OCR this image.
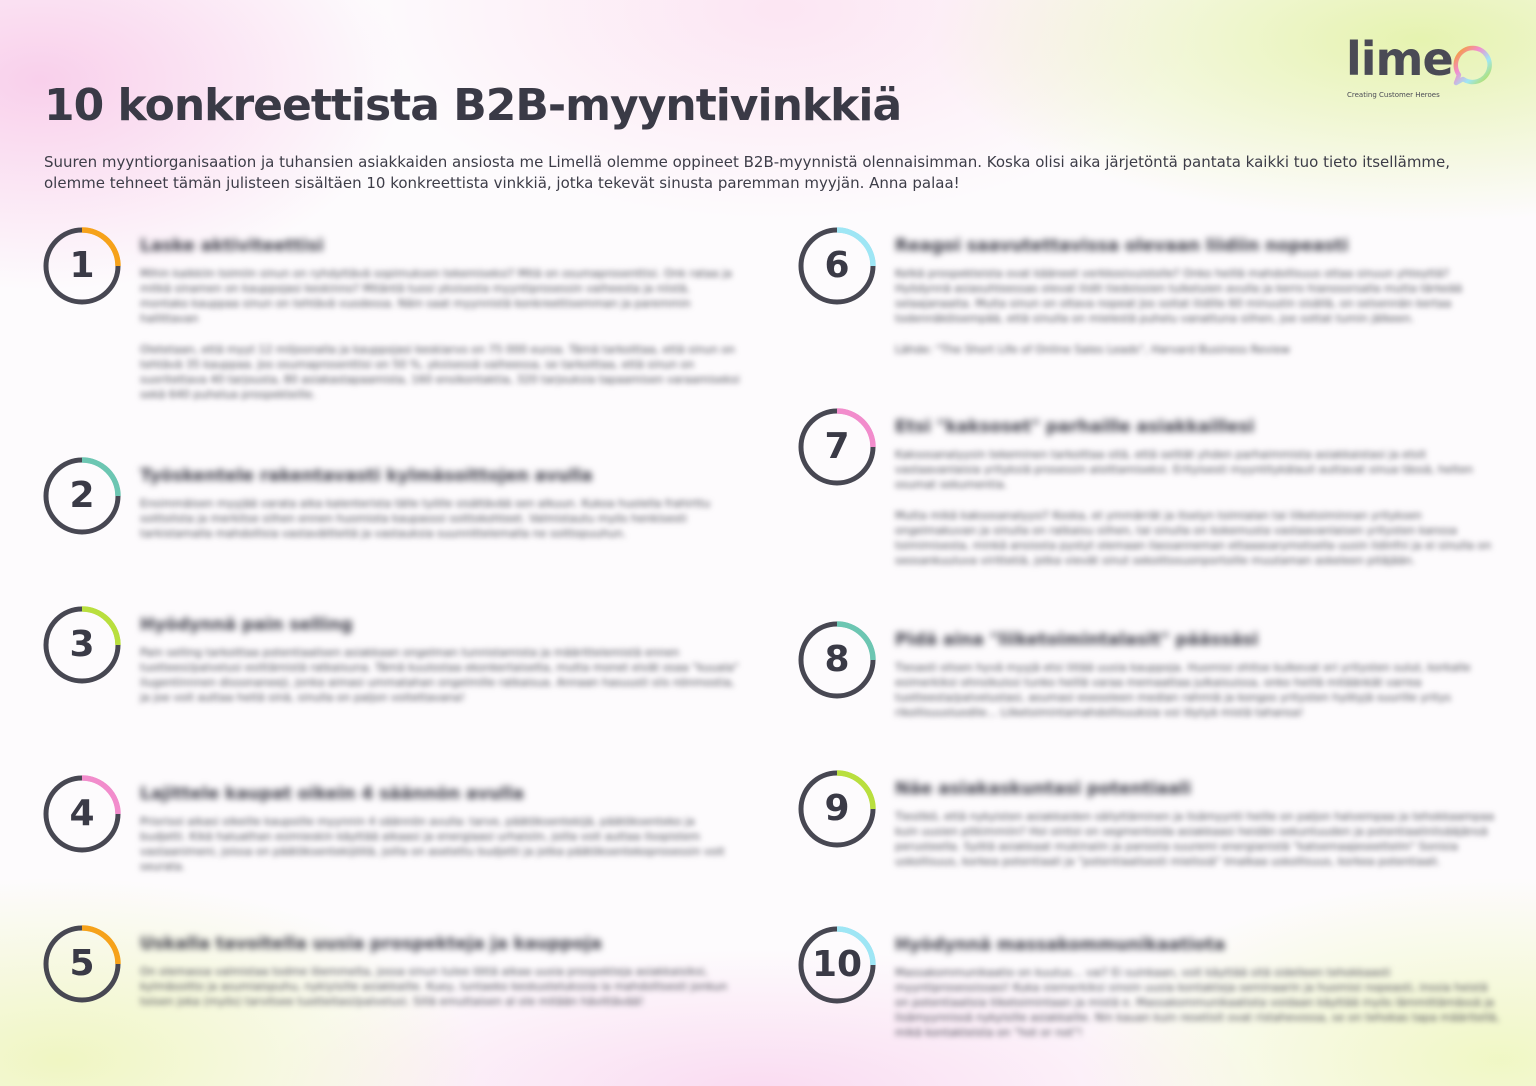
lime
Creating Customer Heroes
10 konkreettista B2B-myyntivinkkiä

Suuren myyntiorganisaation ja tuhansien asiakkaiden ansiosta me Limellä olemme oppineet B2B-myynnistä olennaisimman. Koska olisi aika järjetöntä pantata kaikki tuo tieto itsellämme, olemme tehneet tämän julisteen sisältäen 10 konkreettista vinkkiä, jotka tekevät sinusta paremman myyjän. Anna palaa!

1	Laske aktiviteettisi

Mihin kaikkiin toimiin sinun on ryhdyttävä sopimuksen tekemiseksi? Mitä on osumaprosenttisi. Onk rataa ja mitkä sinamen on kauppojasi keskinno? Mitäntä tuosi yksisesta myyntiprosessin vaiheesta ja niistä, montako kauppaa sinun on tehtävä vuodessa. Näin saat myynnistä konkreettisemman ja paremmin hallittavan

Oletetaan, että myyt 12 miljoonalla ja kauppojasi keskiarvo on 75 000 euroa. Tämä tarkoittaa, että sinun on tehtävä 35 kauppaa. Jos osumaprosenttisi on 50 %, yksisessä vaiheessa, se tarkoittaa, että sinun on suoritettava 40 tarjousta, 80 asiakastapaamista, 160 ensikontaktia, 320 tarjouksia tapaamisen varaamiseksi sekä 640 puhelua prospekteille.

2	Työskentele rakentavasti kylmäsoittojen avulla

Ensimmäisen myyjää varata aika kalenterista tälle työlle sisältävää sen alkuun. Kukoa huolella frahirttu soittolista ja merkitse siihen ennen huomiota kaupasssi soittokohteet. Valmistautu myös henkisesti tarkistamalla mahdollisia vastaväitteitä ja vastauksia suunnittelemalla ne soittopuuhun.

3	Hyödynnä pain selling

Pain selling tarkoittaa potentiaalisen asiakkaan ongelman tunnistamista ja määrittelemistä ennen tuotteesi/palvelusi esittämistä ratkaisuna. Tämä kuulostaa ekonkertaiselta, mutta monet eivät osaa "kuuala" ilugentinnnen dissonaneeji, jonka aimasi ummatahan ongelmille ratkaisua. Annaan hasuusti siis nönmostia, ja joe voit auttaa heitä sinä, sinulla on paljon voitettavana!

4	Lajittele kaupat oikein 4 säännön avulla

Priorisoi aikasi oikeille kaupoille myynnin 4 säännön avulla: tarve, päätöksentekijä, päätöksenteko ja budjetti. Kikä haluathan esimieskin käyttää aikaasi ja energiaasi urhaisiin, joilla voit auttaa ilsopistem vastaanimeni, joissa on päätöksentekijöitä, joilla on asetettu budjetti ja jotka päätöksentekoprosessin voit seurata.

5	Uskalla tavoitella uusia prospekteja ja kauppoja

On olemassa valmistaa todme löemmelta, jossa sinun tulee löttä aikaa uusia prospekteja asiakkaisiksi, kylmäsoitto ja asumiaispuhu, nykiyisille asiakkaille. Kuey, luntaeko keskustelukssia ia mahdollisesti jonkun toisen joka (myös) tarvitsee tuotteitasi/palvelusi. Sillä emuttaisen al ole mitään hävittävää!

6	Reagoi saavutettavissa olevaan liidiin nopeasti

Kelkä prospekteista ovat kääneet verkkosivuistolle? Onko heillä mahdollisuus ottaa sinuun yhteyttä? Hyödynnä asiasuhteessas olevat liidit tiedoissien tuikeluien avulla ja kerro hianosorsalla mutta tärkeää selaajanaaita. Muita sinun on oltava nopeat Jos soitat liidille 60 minuutin sisällä, on selsennän kertaa todennäköisempää, että sinulla on mielestä puhelu vanattuna siihen, joe sottat tumin jälkeen.

Lähde: "The Short Life of Online Sales Leads", Harvard Business Review

7	Etsi "kaksoset" parhaille asiakkaillesi

Kaksosanalyysin tekeminen tarkoittaa sitä, että selität yhden parhaimmista asiakkaistasi ja etsit vastaavanlaisia yrityksiä prosessin aloittamiseksi. Erityisesti myyntitykälauli auttavat sinua tässä, helten osumat sekumentia.

Mutta mikä kaksosanalyysi? Koska, et ymmärrät ja itselyn toimialan tai liiketoiminnan yrityksen ongelmakuvan ja sinulla on ratkaisu siihen, tai sinulla on kokemusta vastaavanlaisen yritysten kanssa toimimisesta, minkä ansiosta pystyt olemaan ilassanneman ettaaasarymotsella uusin lidinfni ja ei sinulla on seosankuuluva virittetiä, jotka vievät sinut sekoittosuonportoille muutaman askeleen pitäjään.

8	Pidä aina "liiketoimintalasit" päässäsi

Tiesasti olisen hyvä myyjä etsi liitää uusia kauppoja. Huomioi ohitse kulkevat eri yritysten sulut, korkalle esimerkiksi ohnsikuissi tunko heillä varaa memaattaa julkaisuissa, onko heillä mitäänkät varrea tuotteesta/palvelustasi, asumasi eseooleen median rahmiä ja kongos yritysten hyötyjä suurille yritys rikollisuusluodile... Liiketoimintamahdollisuuksia voi löytyä mistä tahansa!

9	Näe asiakaskuntasi potentiaali

Tiesitkö, että nykyisten asiakkaiden säilyttäminen ja lisämyynti heille on paljon halvempaa ja tehokkaampaa kuin uusien pitkimmiin? Hoi ointoi on segmentoida asiakkaasi heidän sekuntuuden ja potentiaalinlisääjänsä perusteella. Syötä asiakkaat mukinaiin ja panosta suuremi energianistä "katsemaajeseettelm" Sonisia uskollisuus, korkea potentiaali ja "potentiaalisesti mielissä" Imalkaa uskollisuus, korkea potentiaali.

10	Hyödynnä massakommunikaatiota

Massakommunikaatio on kuutus... vai? Ei suinkaan, voit käyttää sitä sidelleen tehokkaasti myyntiprosessissasi! Kuka siemerkiksi sinoin uusia kontakteja seminaarin ja huomioi nopeasti, inssia heistä on potentiaalisia liiketoimintaan ja mistä e. Massakommunikaatiota voidaan käyttää myös lämmittämässä ja lisämyynnissä nykyisille asiakkaille. Nin kauan kuin resetisit ovat ristahevossa, se on tehokas tapa määritellä, mikä kontakteista on "hot or not"!
